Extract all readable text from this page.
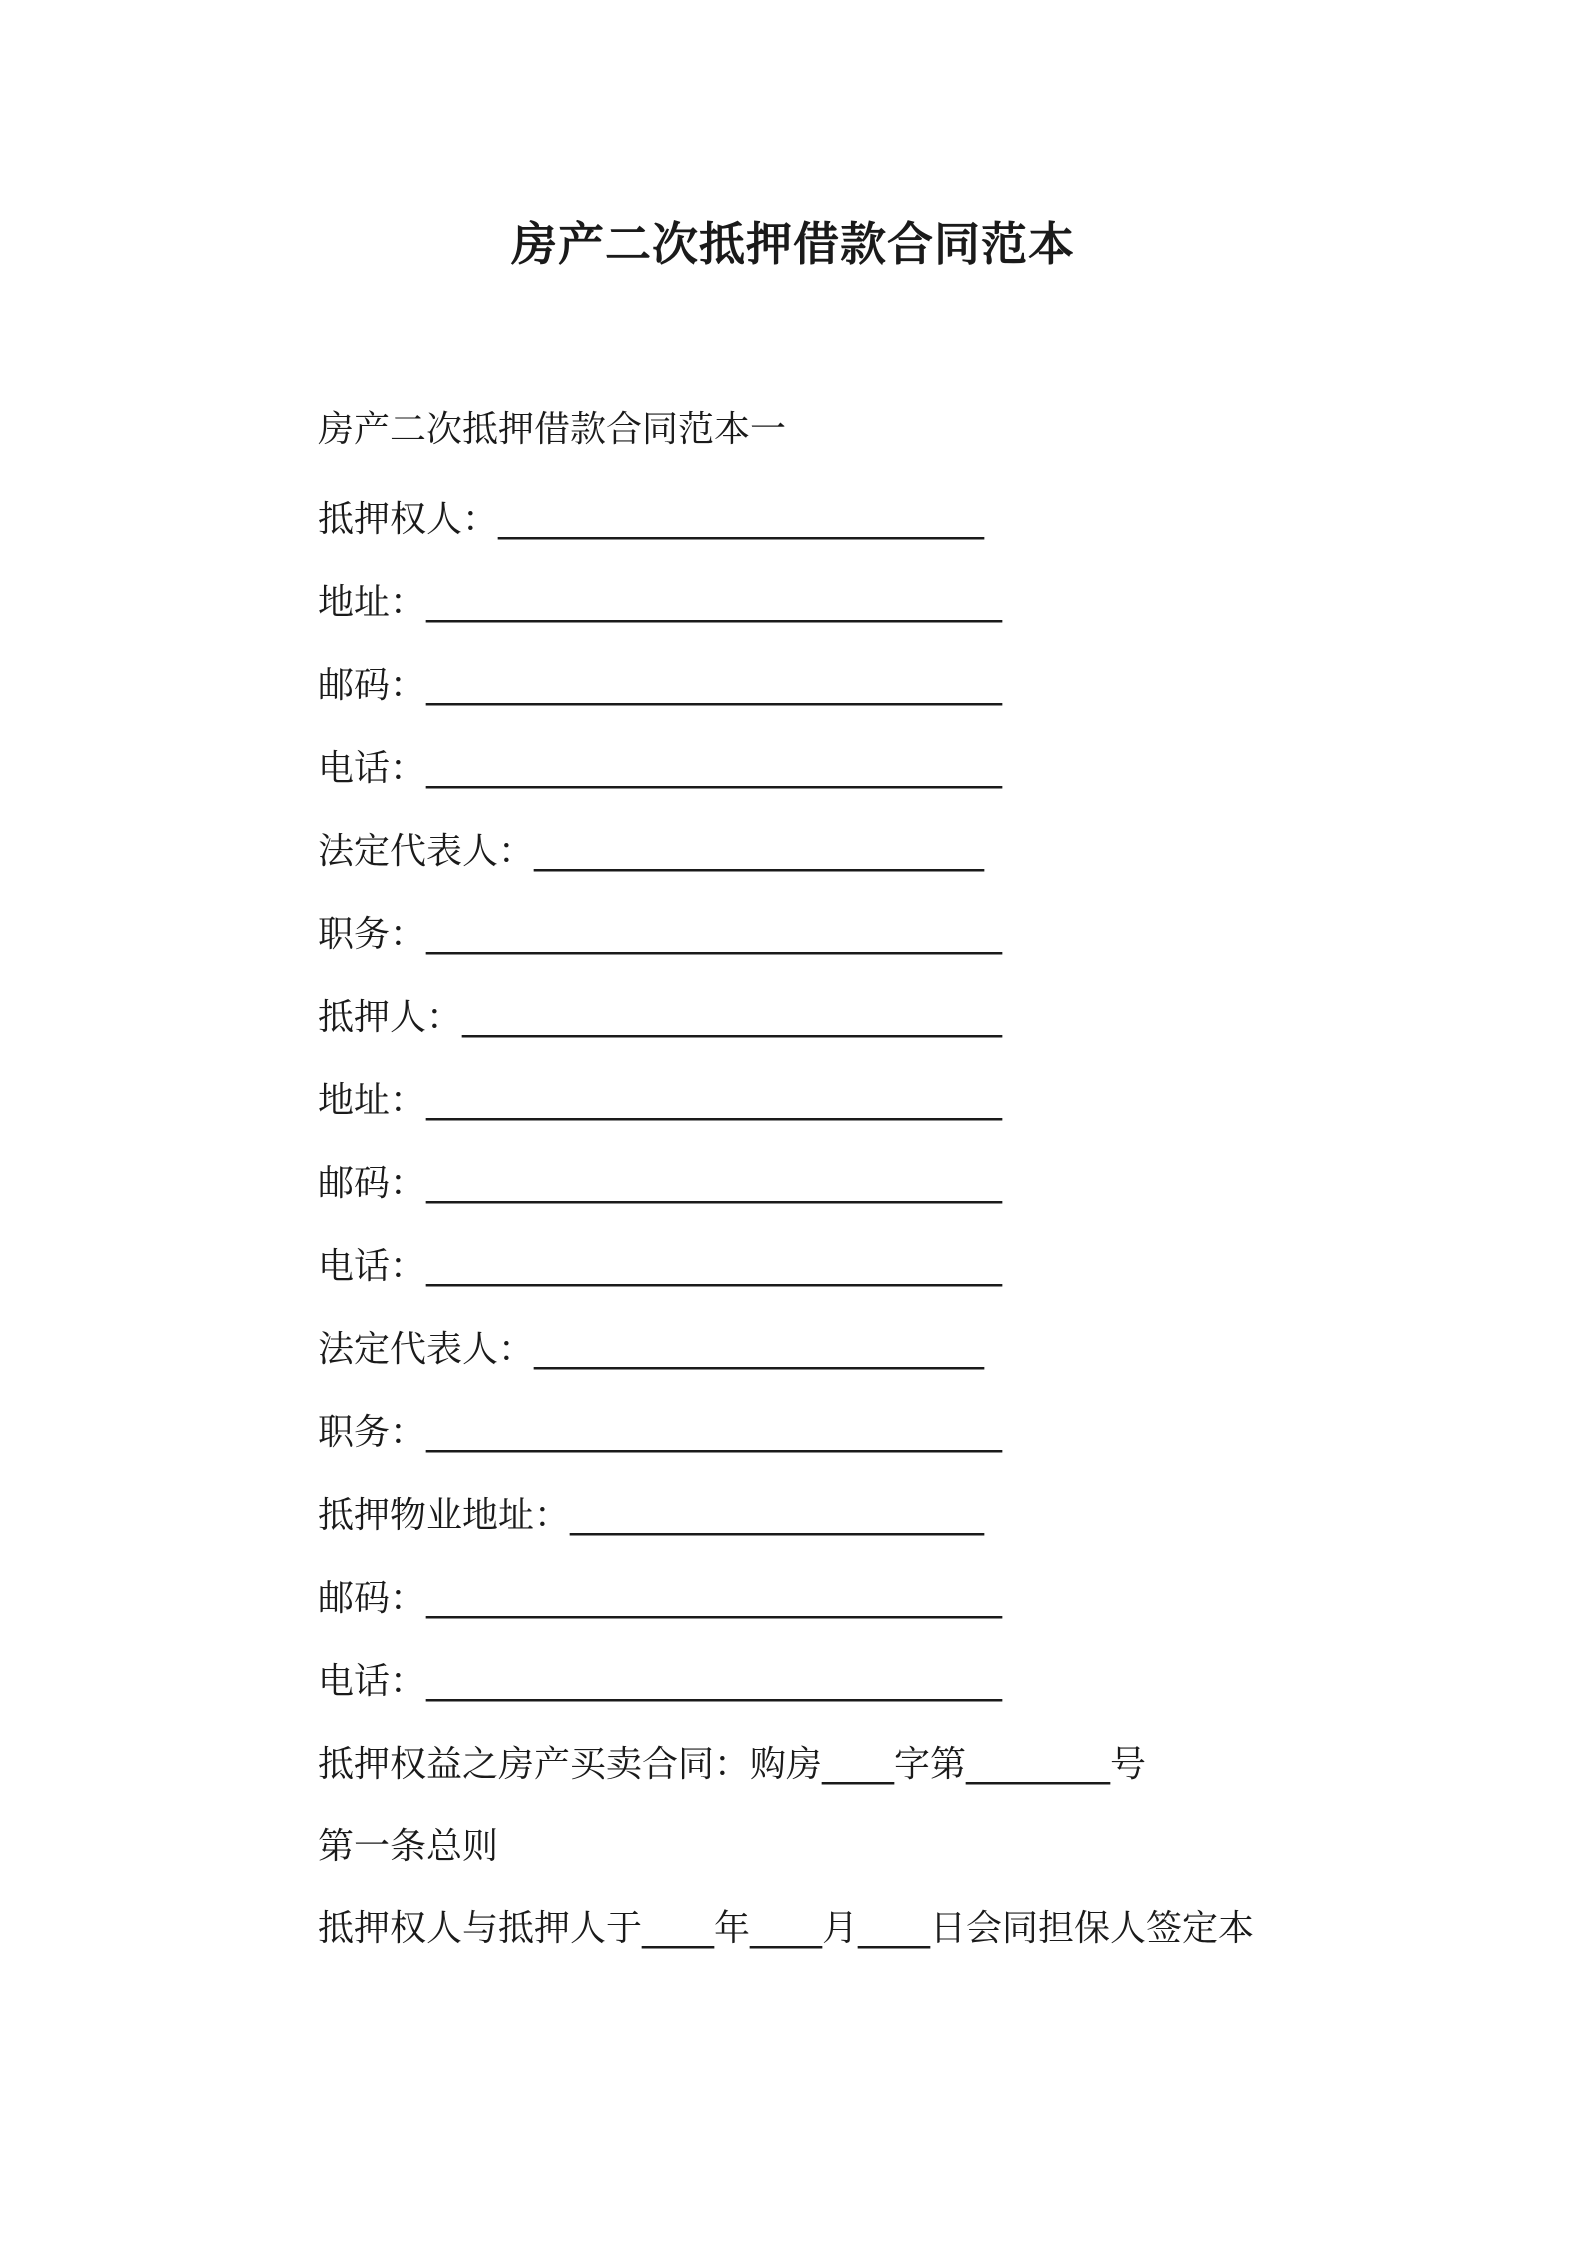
房产二次抵押借款合同范本
房产二次抵押借款合同范本一
抵押权人：___________________________
地址：________________________________
邮码：________________________________
电话：________________________________
法定代表人：_________________________
职务：________________________________
抵押人：______________________________
地址：________________________________
邮码：________________________________
电话：________________________________
法定代表人：_________________________
职务：________________________________
抵押物业地址：_______________________
邮码：________________________________
电话：________________________________
抵押权益之房产买卖合同：购房____字第________号
第一条总则
抵押权人与抵押人于____年____月____日会同担保人签定本
